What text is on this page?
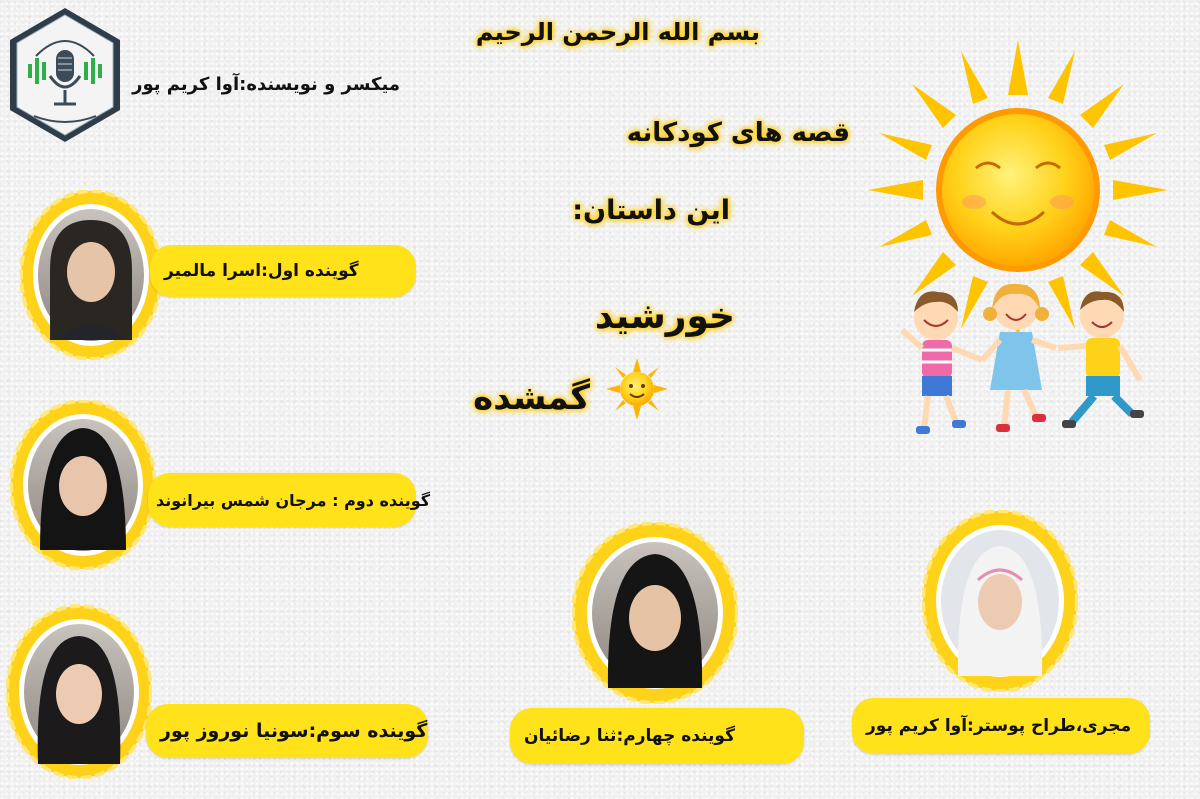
بسم الله الرحمن الرحیم
میکسر و نویسنده:آوا کریم پور
قصه های کودکانه
این داستان:
خورشید
گمشده
گوینده اول:اسرا مالمیر
گوینده دوم : مرجان شمس بیرانوند
گوینده سوم:سونیا نوروز پور	گوینده چهارم:ثنا رضائیان	مجری،طراح پوستر:آوا کریم پور
